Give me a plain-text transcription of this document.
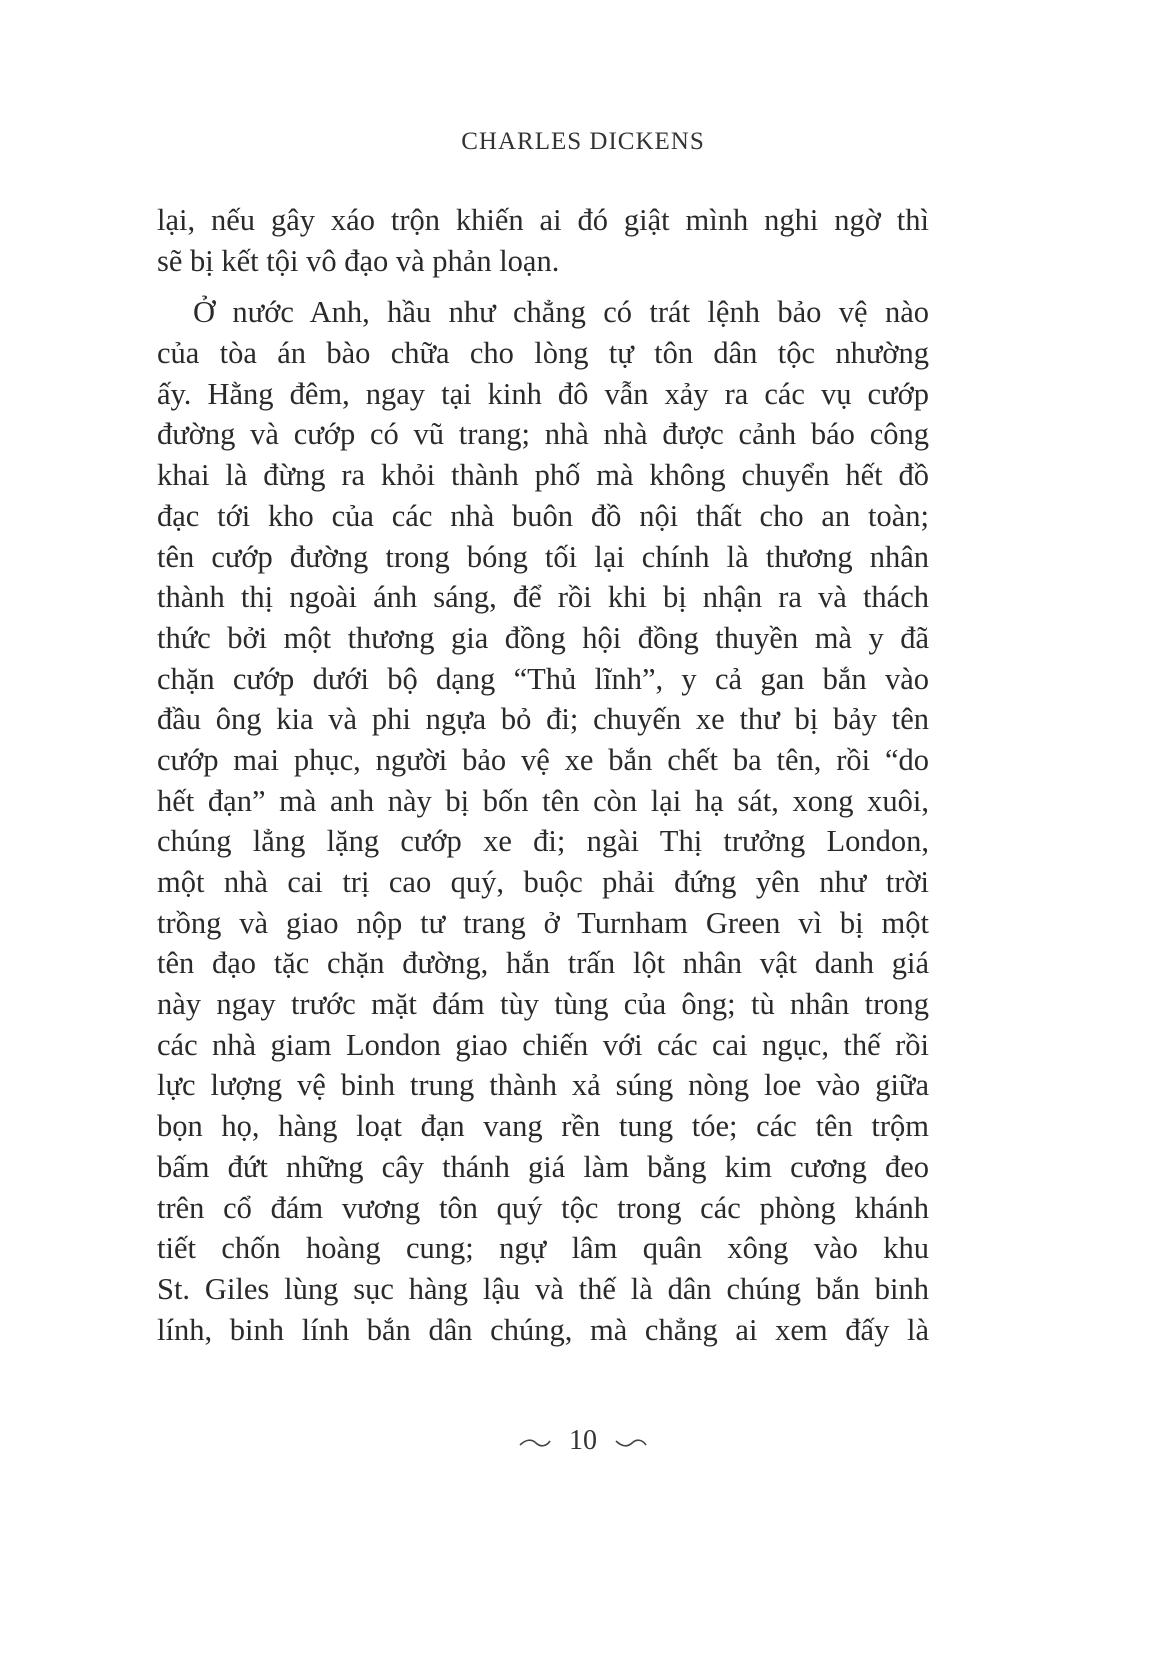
CHARLES DICKENS
lại, nếu gây xáo trộn khiến ai đó giật mình nghi ngờ thì
sẽ bị kết tội vô đạo và phản loạn.
Ở nước Anh, hầu như chẳng có trát lệnh bảo vệ nào
của tòa án bào chữa cho lòng tự tôn dân tộc nhường
ấy. Hằng đêm, ngay tại kinh đô vẫn xảy ra các vụ cướp
đường và cướp có vũ trang; nhà nhà được cảnh báo công
khai là đừng ra khỏi thành phố mà không chuyển hết đồ
đạc tới kho của các nhà buôn đồ nội thất cho an toàn;
tên cướp đường trong bóng tối lại chính là thương nhân
thành thị ngoài ánh sáng, để rồi khi bị nhận ra và thách
thức bởi một thương gia đồng hội đồng thuyền mà y đã
chặn cướp dưới bộ dạng “Thủ lĩnh”, y cả gan bắn vào
đầu ông kia và phi ngựa bỏ đi; chuyến xe thư bị bảy tên
cướp mai phục, người bảo vệ xe bắn chết ba tên, rồi “do
hết đạn” mà anh này bị bốn tên còn lại hạ sát, xong xuôi,
chúng lẳng lặng cướp xe đi; ngài Thị trưởng London,
một nhà cai trị cao quý, buộc phải đứng yên như trời
trồng và giao nộp tư trang ở Turnham Green vì bị một
tên đạo tặc chặn đường, hắn trấn lột nhân vật danh giá
này ngay trước mặt đám tùy tùng của ông; tù nhân trong
các nhà giam London giao chiến với các cai ngục, thế rồi
lực lượng vệ binh trung thành xả súng nòng loe vào giữa
bọn họ, hàng loạt đạn vang rền tung tóe; các tên trộm
bấm đứt những cây thánh giá làm bằng kim cương đeo
trên cổ đám vương tôn quý tộc trong các phòng khánh
tiết chốn hoàng cung; ngự lâm quân xông vào khu
St. Giles lùng sục hàng lậu và thế là dân chúng bắn binh
lính, binh lính bắn dân chúng, mà chẳng ai xem đấy là
10
